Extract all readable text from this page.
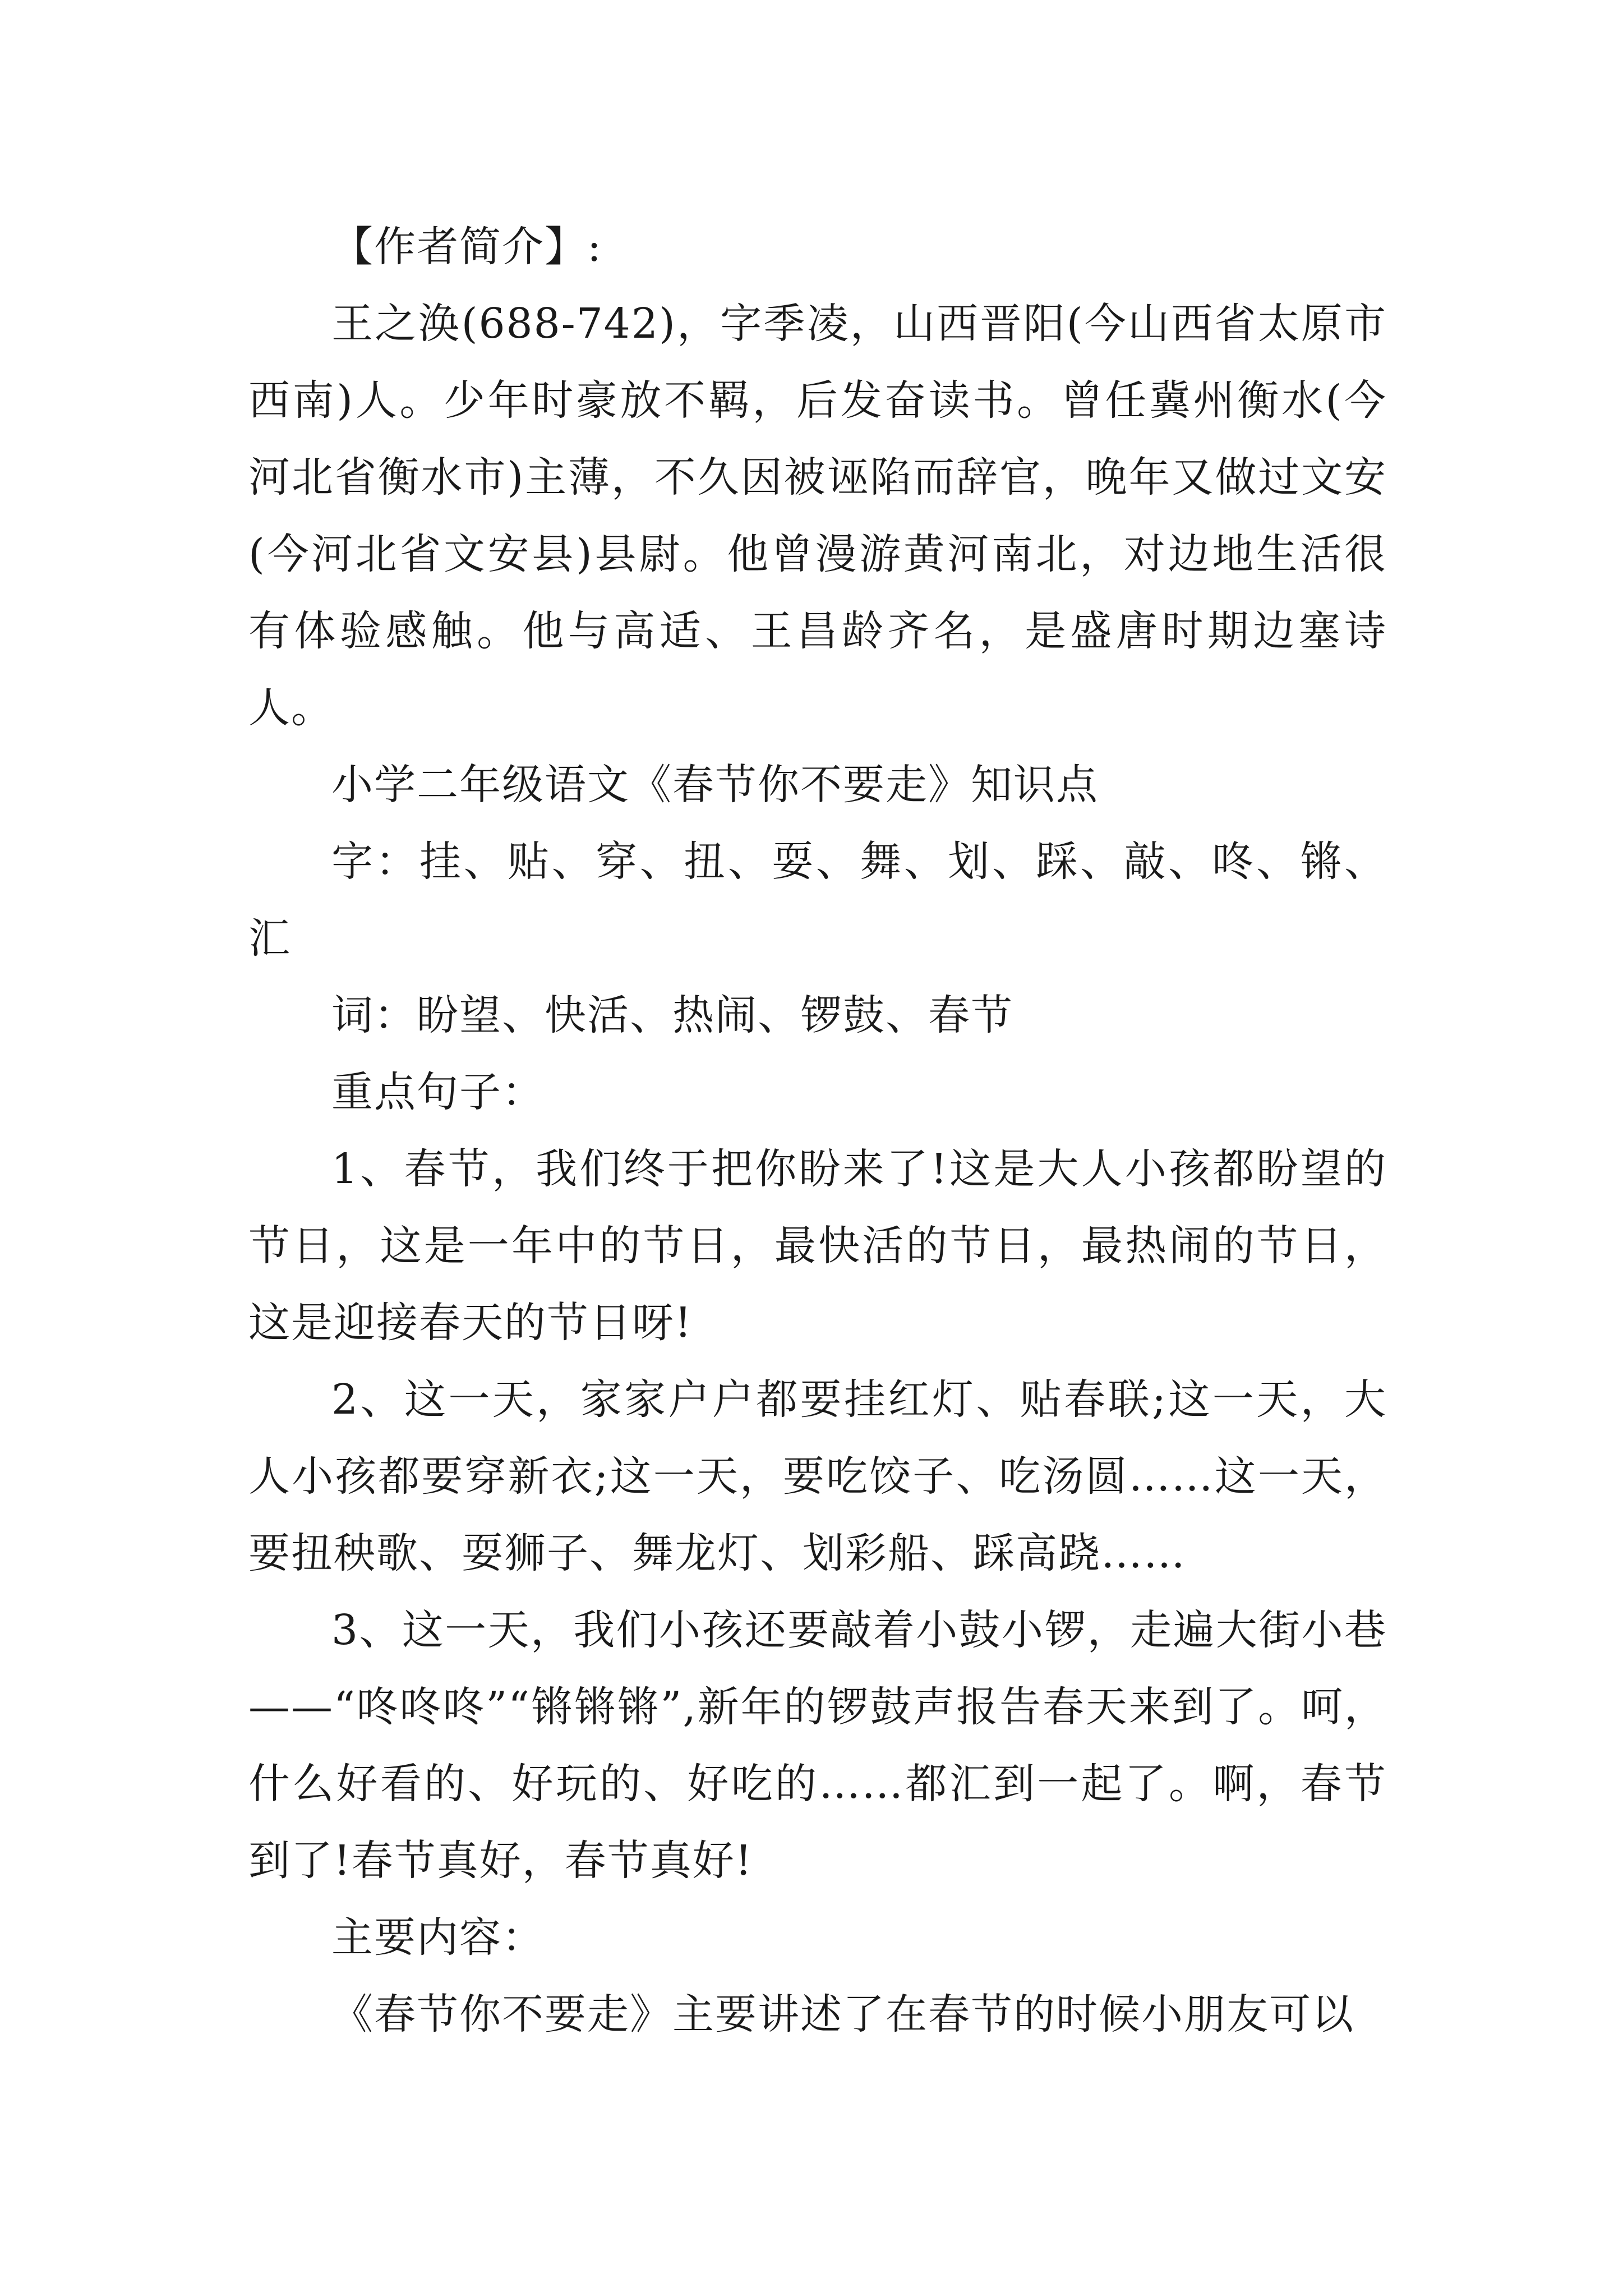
【作者简介】:

王之涣(688-742)，字季凌，山西晋阳(今山西省太原市西南)人。少年时豪放不羁，后发奋读书。曾任冀州衡水(今河北省衡水市)主薄，不久因被诬陷而辞官，晚年又做过文安(今河北省文安县)县尉。他曾漫游黄河南北，对边地生活很有体验感触。他与高适、王昌龄齐名，是盛唐时期边塞诗人。

小学二年级语文《春节你不要走》知识点

字：挂、贴、穿、扭、耍、舞、划、踩、敲、咚、锵、汇

词：盼望、快活、热闹、锣鼓、春节

重点句子：

1、春节，我们终于把你盼来了!这是大人小孩都盼望的节日，这是一年中的节日，最快活的节日，最热闹的节日，这是迎接春天的节日呀!

2、这一天，家家户户都要挂红灯、贴春联;这一天，大人小孩都要穿新衣;这一天，要吃饺子、吃汤圆……这一天，要扭秧歌、耍狮子、舞龙灯、划彩船、踩高跷……

3、这一天，我们小孩还要敲着小鼓小锣，走遍大街小巷——“咚咚咚”“锵锵锵”,新年的锣鼓声报告春天来到了。呵，什么好看的、好玩的、好吃的……都汇到一起了。啊，春节到了!春节真好，春节真好!

主要内容：

《春节你不要走》主要讲述了在春节的时候小朋友可以
